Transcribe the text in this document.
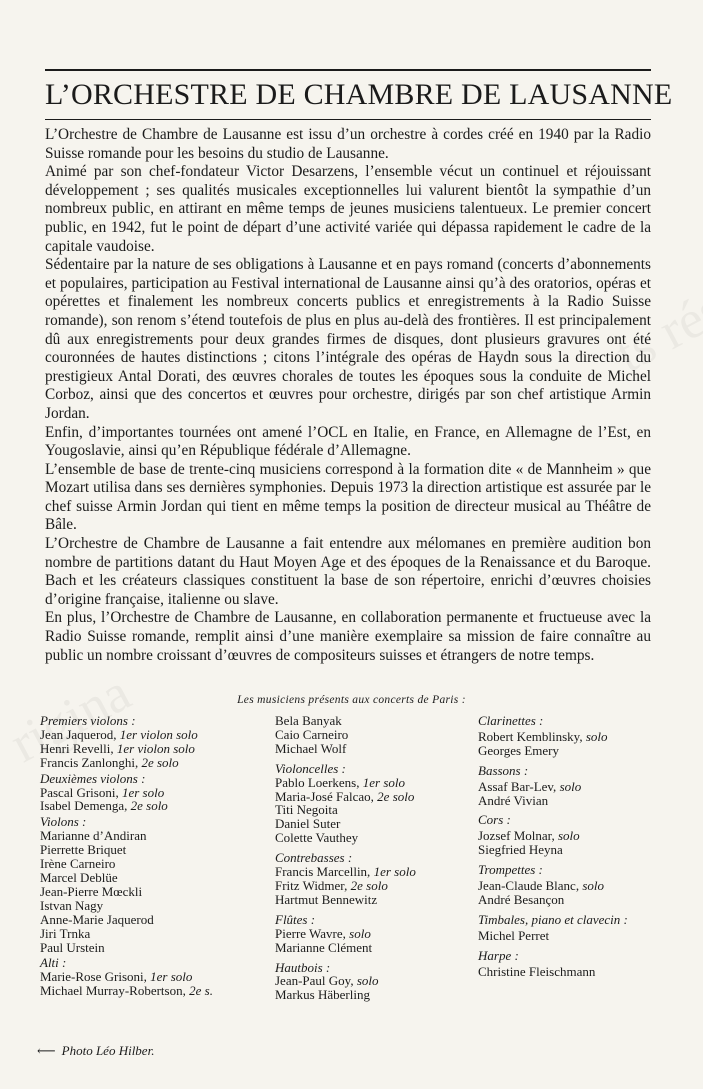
L’ORCHESTRE DE CHAMBRE DE LAUSANNE

L’Orchestre de Chambre de Lausanne est issu d’un orchestre à cordes créé en 1940 par la Radio Suisse romande pour les besoins du studio de Lausanne.

Animé par son chef-fondateur Victor Desarzens, l’ensemble vécut un continuel et réjouissant développement ; ses qualités musicales exceptionnelles lui valurent bientôt la sympathie d’un nombreux public, en attirant en même temps de jeunes musiciens talentueux. Le premier concert public, en 1942, fut le point de départ d’une activité variée qui dépassa rapidement le cadre de la capitale vaudoise.

Sédentaire par la nature de ses obligations à Lausanne et en pays romand (concerts d’abonnements et populaires, participation au Festival international de Lausanne ainsi qu’à des oratorios, opéras et opérettes et finalement les nombreux concerts publics et enregistrements à la Radio Suisse romande), son renom s’étend toutefois de plus en plus au-delà des frontières. Il est principalement dû aux enregistrements pour deux grandes firmes de disques, dont plusieurs gravures ont été couronnées de hautes distinctions ; citons l’intégrale des opéras de Haydn sous la direction du prestigieux Antal Dorati, des œuvres chorales de toutes les époques sous la conduite de Michel Corboz, ainsi que des concertos et œuvres pour orchestre, dirigés par son chef artistique Armin Jordan.

Enfin, d’importantes tournées ont amené l’OCL en Italie, en France, en Allemagne de l’Est, en Yougoslavie, ainsi qu’en République fédérale d’Allemagne.

L’ensemble de base de trente-cinq musiciens correspond à la formation dite « de Mannheim » que Mozart utilisa dans ses dernières symphonies. Depuis 1973 la direction artistique est assurée par le chef suisse Armin Jordan qui tient en même temps la position de directeur musical au Théâtre de Bâle.

L’Orchestre de Chambre de Lausanne a fait entendre aux mélomanes en première audition bon nombre de partitions datant du Haut Moyen Age et des époques de la Renaissance et du Baroque. Bach et les créateurs classiques constituent la base de son répertoire, enrichi d’œuvres choisies d’origine française, italienne ou slave.

En plus, l’Orchestre de Chambre de Lausanne, en collaboration permanente et fructueuse avec la Radio Suisse romande, remplit ainsi d’une manière exemplaire sa mission de faire connaître au public un nombre croissant d’œuvres de compositeurs suisses et étrangers de notre temps.

Les musiciens présents aux concerts de Paris :
Premiers violons :
Jean Jaquerod, 1er violon solo
Henri Revelli, 1er violon solo
Francis Zanlonghi, 2e solo
Deuxièmes violons :
Pascal Grisoni, 1er solo
Isabel Demenga, 2e solo
Violons :
Marianne d’Andiran
Pierrette Briquet
Irène Carneiro
Marcel Deblüe
Jean-Pierre Mœckli
Istvan Nagy
Anne-Marie Jaquerod
Jiri Trnka
Paul Urstein
Alti :
Marie-Rose Grisoni, 1er solo
Michael Murray-Robertson, 2e s.
Bela Banyak
Caio Carneiro
Michael Wolf
Violoncelles :
Pablo Loerkens, 1er solo
Maria-José Falcao, 2e solo
Titi Negoita
Daniel Suter
Colette Vauthey
Contrebasses :
Francis Marcellin, 1er solo
Fritz Widmer, 2e solo
Hartmut Bennewitz
Flûtes :
Pierre Wavre, solo
Marianne Clément
Hautbois :
Jean-Paul Goy, solo
Markus Häberling
Clarinettes :
Robert Kemblinsky, solo
Georges Emery
Bassons :
Assaf Bar-Lev, solo
André Vivian
Cors :
Jozsef Molnar, solo
Siegfried Heyna
Trompettes :
Jean-Claude Blanc, solo
André Besançon
Timbales, piano et clavecin :
Michel Perret
Harpe :
Christine Fleischmann
⟵ Photo Léo Hilber.
